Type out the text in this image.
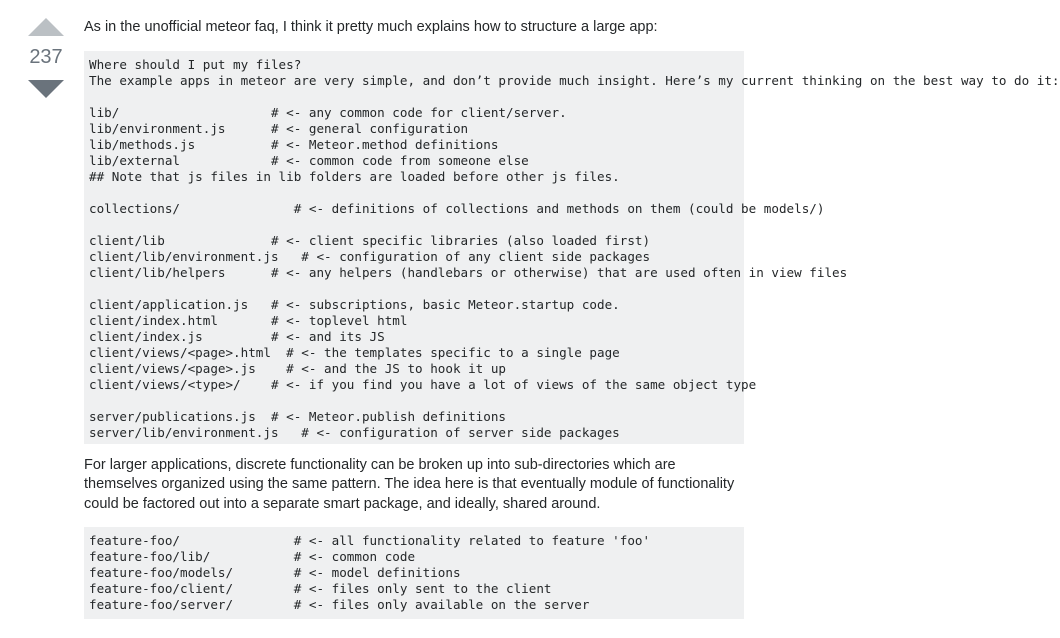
237

As in the unofficial meteor faq, I think it pretty much explains how to structure a large app:

Where should I put my files?
The example apps in meteor are very simple, and don’t provide much insight. Here’s my current thinking on the best way to do it:
lib/                    # <- any common code for client/server.
lib/environment.js      # <- general configuration
lib/methods.js          # <- Meteor.method definitions
lib/external            # <- common code from someone else
## Note that js files in lib folders are loaded before other js files.
collections/               # <- definitions of collections and methods on them (could be models/)
client/lib              # <- client specific libraries (also loaded first)
client/lib/environment.js   # <- configuration of any client side packages
client/lib/helpers      # <- any helpers (handlebars or otherwise) that are used often in view files
client/application.js   # <- subscriptions, basic Meteor.startup code.
client/index.html       # <- toplevel html
client/index.js         # <- and its JS
client/views/<page>.html  # <- the templates specific to a single page
client/views/<page>.js    # <- and the JS to hook it up
client/views/<type>/    # <- if you find you have a lot of views of the same object type
server/publications.js  # <- Meteor.publish definitions
server/lib/environment.js   # <- configuration of server side packages

For larger applications, discrete functionality can be broken up into sub-directories which are themselves organized using the same pattern. The idea here is that eventually module of functionality could be factored out into a separate smart package, and ideally, shared around.

feature-foo/               # <- all functionality related to feature 'foo'
feature-foo/lib/           # <- common code
feature-foo/models/        # <- model definitions
feature-foo/client/        # <- files only sent to the client
feature-foo/server/        # <- files only available on the server
